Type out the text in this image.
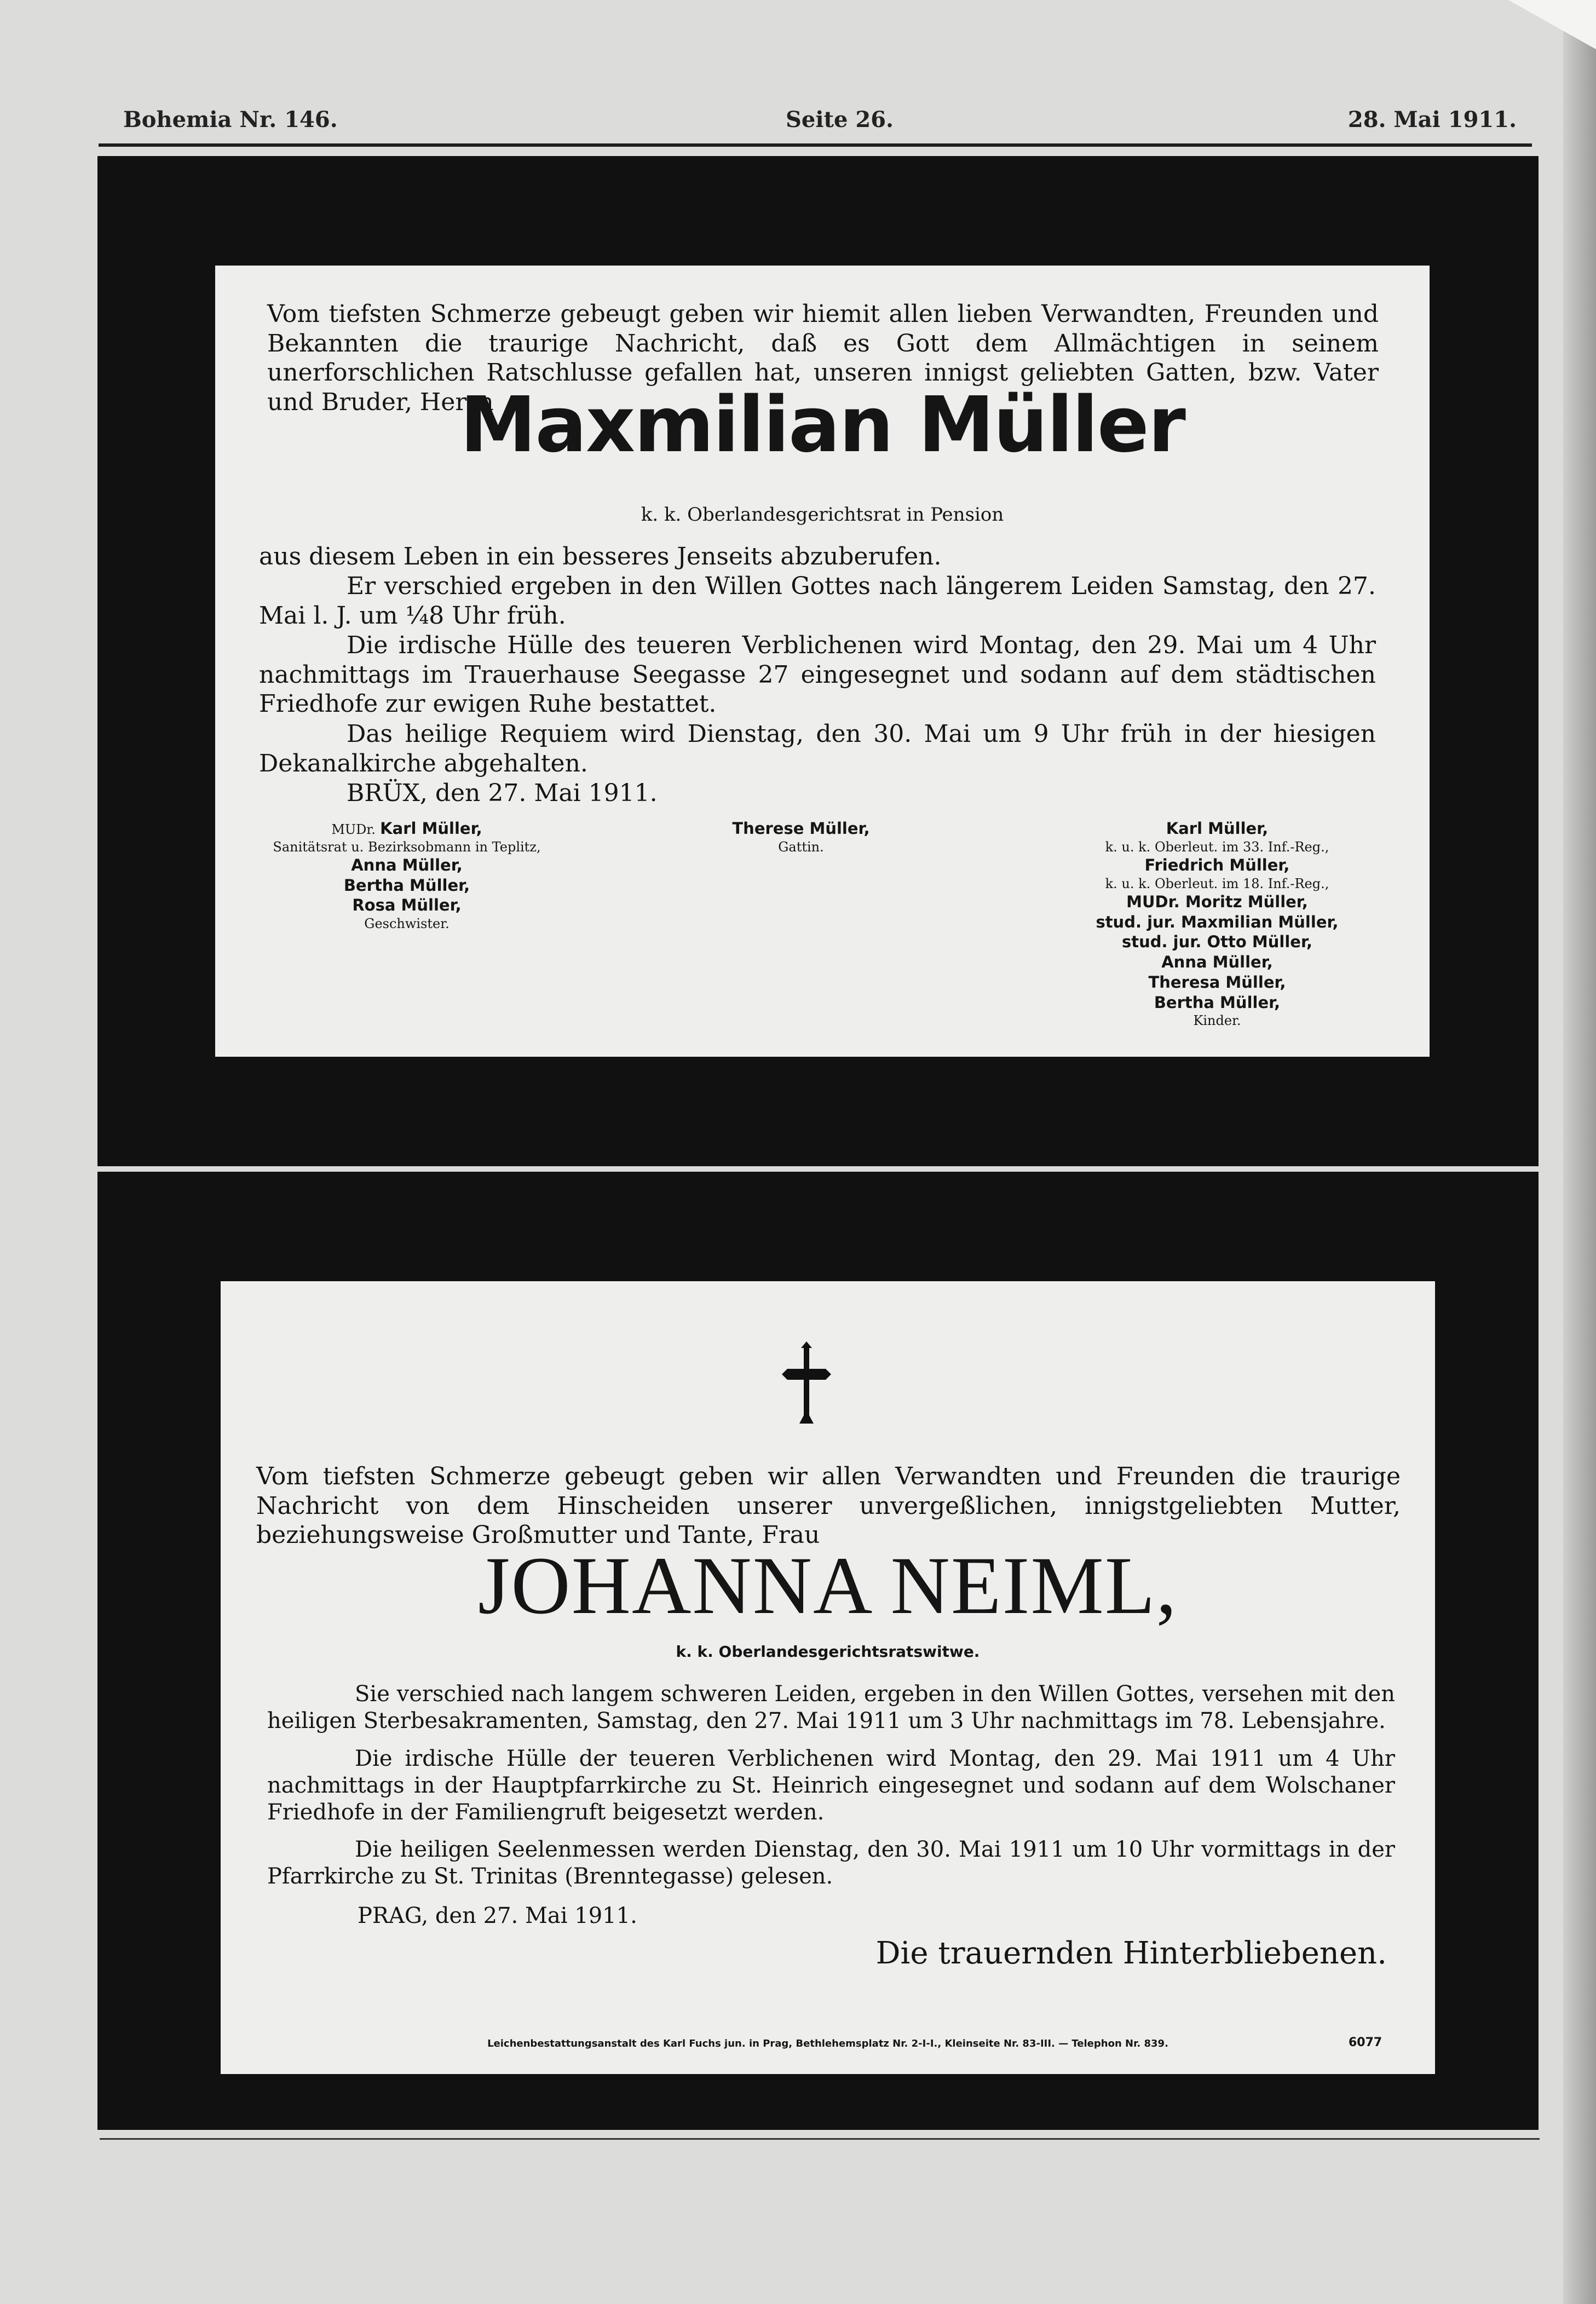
Bohemia Nr. 146.	Seite 26.	28. Mai 1911.
Vom tiefsten Schmerze gebeugt geben wir hiemit allen lieben Verwandten, Freunden und Bekannten die traurige Nachricht, daß es Gott dem Allmächtigen in seinem unerforschlichen Ratschlusse gefallen hat, unseren innigst geliebten Gatten, bzw. Vater und Bruder, Herrn
Maxmilian Müller
k. k. Oberlandesgerichtsrat in Pension
aus diesem Leben in ein besseres Jenseits abzuberufen.
Er verschied ergeben in den Willen Gottes nach längerem Leiden Samstag, den 27. Mai l. J. um ¼8 Uhr früh.
Die irdische Hülle des teueren Verblichenen wird Montag, den 29. Mai um 4 Uhr nachmittags im Trauerhause Seegasse 27 eingesegnet und sodann auf dem städtischen Friedhofe zur ewigen Ruhe bestattet.
Das heilige Requiem wird Dienstag, den 30. Mai um 9 Uhr früh in der hiesigen Dekanalkirche abgehalten.
BRÜX, den 27. Mai 1911.
MUDr. Karl Müller,
Sanitätsrat u. Bezirksobmann in Teplitz,
Anna Müller,
Bertha Müller,
Rosa Müller,
Geschwister.
Therese Müller,
Gattin.
Karl Müller,
k. u. k. Oberleut. im 33. Inf.-Reg.,
Friedrich Müller,
k. u. k. Oberleut. im 18. Inf.-Reg.,
MUDr. Moritz Müller,
stud. jur. Maxmilian Müller,
stud. jur. Otto Müller,
Anna Müller,
Theresa Müller,
Bertha Müller,
Kinder.
Vom tiefsten Schmerze gebeugt geben wir allen Verwandten und Freunden die traurige Nachricht von dem Hinscheiden unserer unvergeßlichen, innigstgeliebten Mutter, beziehungsweise Großmutter und Tante, Frau
JOHANNA NEIML,
k. k. Oberlandesgerichtsratswitwe.
Sie verschied nach langem schweren Leiden, ergeben in den Willen Gottes, versehen mit den heiligen Sterbesakramenten, Samstag, den 27. Mai 1911 um 3 Uhr nachmittags im 78. Lebensjahre.
Die irdische Hülle der teueren Verblichenen wird Montag, den 29. Mai 1911 um 4 Uhr nachmittags in der Hauptpfarrkirche zu St. Heinrich eingesegnet und sodann auf dem Wolschaner Friedhofe in der Familiengruft beigesetzt werden.
Die heiligen Seelenmessen werden Dienstag, den 30. Mai 1911 um 10 Uhr vormittags in der Pfarrkirche zu St. Trinitas (Brenntegasse) gelesen.
PRAG, den 27. Mai 1911.
Die trauernden Hinterbliebenen.
Leichenbestattungsanstalt des Karl Fuchs jun. in Prag, Bethlehemsplatz Nr. 2-I-I., Kleinseite Nr. 83-III. — Telephon Nr. 839.	6077
